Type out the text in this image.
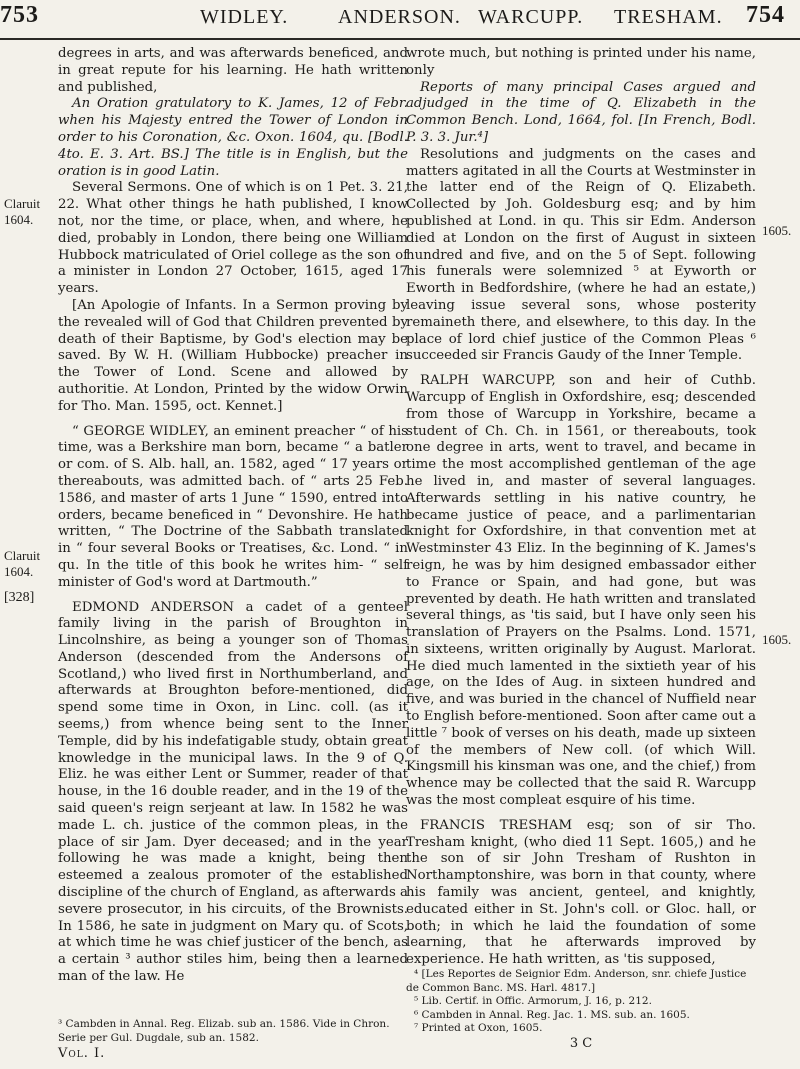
753	WIDLEY. ANDERSON. WARCUPP. TRESHAM. 754
Claruit
1604.
Claruit
1604.
[328]
1605.
1605.

degrees in arts, and was afterwards beneficed, and in great repute for his learning. He hath written and published,

An Oration gratulatory to K. James, 12 of Febr. when his Majesty entred the Tower of London in order to his Coronation, &c. Oxon. 1604, qu. [Bodl. 4to. E. 3. Art. BS.] The title is in English, but the oration is in good Latin.

Several Sermons. One of which is on 1 Pet. 3. 21, 22. What other things he hath published, I know not, nor the time, or place, when, and where, he died, probably in London, there being one William Hubbock matriculated of Oriel college as the son of a minister in London 27 October, 1615, aged 17 years.

[An Apologie of Infants. In a Sermon proving by the revealed will of God that Children prevented by death of their Baptisme, by God's election may be saved. By W. H. (William Hubbocke) preacher in the Tower of Lond. Scene and allowed by authoritie. At London, Printed by the widow Orwin for Tho. Man. 1595, oct. Kennet.]

“ GEORGE WIDLEY, an eminent preacher “ of his time, was a Berkshire man born, became “ a batler or com. of S. Alb. hall, an. 1582, aged “ 17 years or thereabouts, was admitted bach. of “ arts 25 Feb. 1586, and master of arts 1 June “ 1590, entred into orders, became beneficed in “ Devonshire. He hath written, “ The Doctrine of the Sabbath translated in “ four several Books or Treatises, &c. Lond. “ in qu. In the title of this book he writes him- “ self minister of God's word at Dartmouth.”

EDMOND ANDERSON a cadet of a genteel family living in the parish of Broughton in Lincolnshire, as being a younger son of Thomas Anderson (descended from the Andersons of Scotland,) who lived first in Northumberland, and afterwards at Broughton before-mentioned, did spend some time in Oxon, in Linc. coll. (as it seems,) from whence being sent to the Inner Temple, did by his indefatigable study, obtain great knowledge in the municipal laws. In the 9 of Q. Eliz. he was either Lent or Summer, reader of that house, in the 16 double reader, and in the 19 of the said queen's reign serjeant at law. In 1582 he was made L. ch. justice of the common pleas, in the place of sir Jam. Dyer deceased; and in the year following he was made a knight, being then esteemed a zealous promoter of the established discipline of the church of England, as afterwards a severe prosecutor, in his circuits, of the Brownists. In 1586, he sate in judgment on Mary qu. of Scots, at which time he was chief justicer of the bench, as a certain ³ author stiles him, being then a learned man of the law. He

³ Cambden in Annal. Reg. Elizab. sub an. 1586. Vide in Chron. Serie per Gul. Dugdale, sub an. 1582.
Vol. I.

wrote much, but nothing is printed under his name, only

Reports of many principal Cases argued and adjudged in the time of Q. Elizabeth in the Common Bench. Lond, 1664, fol. [In French, Bodl. P. 3. 3. Jur.⁴]

Resolutions and judgments on the cases and matters agitated in all the Courts at Westminster in the latter end of the Reign of Q. Elizabeth. Collected by Joh. Goldesburg esq; and by him published at Lond. in qu. This sir Edm. Anderson died at London on the first of August in sixteen hundred and five, and on the 5 of Sept. following his funerals were solemnized ⁵ at Eyworth or Eworth in Bedfordshire, (where he had an estate,) leaving issue several sons, whose posterity remaineth there, and elsewhere, to this day. In the place of lord chief justice of the Common Pleas ⁶ succeeded sir Francis Gaudy of the Inner Temple.

RALPH WARCUPP, son and heir of Cuthb. Warcupp of English in Oxfordshire, esq; descended from those of Warcupp in Yorkshire, became a student of Ch. Ch. in 1561, or thereabouts, took one degree in arts, went to travel, and became in time the most accomplished gentleman of the age he lived in, and master of several languages. Afterwards settling in his native country, he became justice of peace, and a parlimentarian knight for Oxfordshire, in that convention met at Westminster 43 Eliz. In the beginning of K. James's reign, he was by him designed embassador either to France or Spain, and had gone, but was prevented by death. He hath written and translated several things, as 'tis said, but I have only seen his translation of Prayers on the Psalms. Lond. 1571, in sixteens, written originally by August. Marlorat. He died much lamented in the sixtieth year of his age, on the Ides of Aug. in sixteen hundred and five, and was buried in the chancel of Nuffield near to English before-mentioned. Soon after came out a little ⁷ book of verses on his death, made up sixteen of the members of New coll. (of which Will. Kingsmill his kinsman was one, and the chief,) from whence may be collected that the said R. Warcupp was the most compleat esquire of his time.

FRANCIS TRESHAM esq; son of sir Tho. Tresham knight, (who died 11 Sept. 1605,) and he the son of sir John Tresham of Rushton in Northamptonshire, was born in that county, where his family was ancient, genteel, and knightly, educated either in St. John's coll. or Gloc. hall, or both; in which he laid the foundation of some learning, that he afterwards improved by experience. He hath written, as 'tis supposed,

⁴ [Les Reportes de Seignior Edm. Anderson, snr. chiefe Justice de Common Banc. MS. Harl. 4817.]
⁵ Lib. Certif. in Offic. Armorum, J. 16, p. 212.
⁶ Cambden in Annal. Reg. Jac. 1. MS. sub. an. 1605.
⁷ Printed at Oxon, 1605.
3 C
